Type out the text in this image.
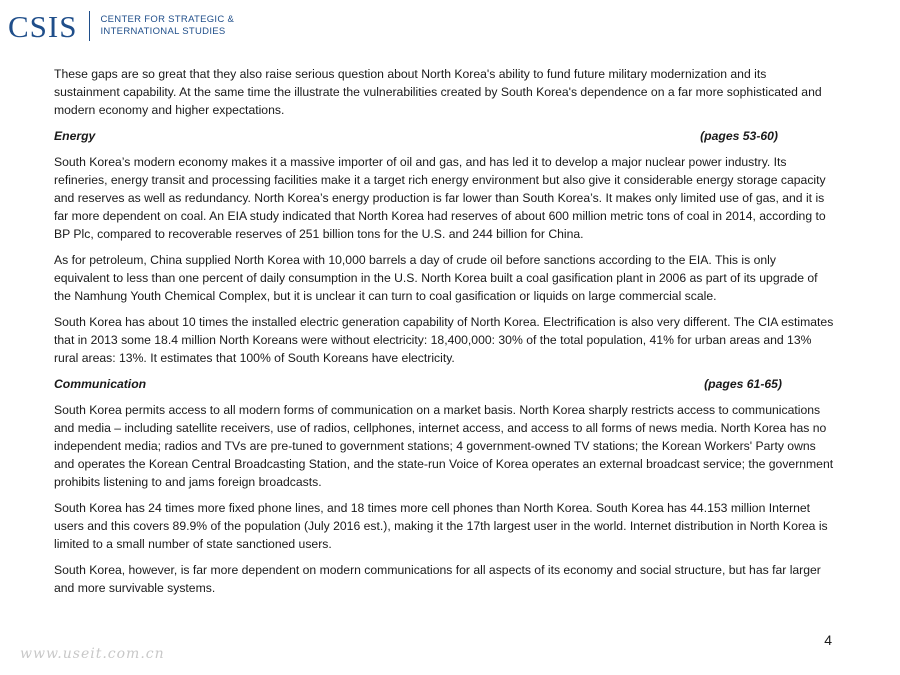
CSIS CENTER FOR STRATEGIC &
INTERNATIONAL STUDIES

These gaps are so great that they also raise serious question about North Korea's ability to fund future military modernization and its sustainment capability. At the same time the illustrate the vulnerabilities created by South Korea's dependence on a far more sophisticated and modern economy and higher expectations.

Energy	(pages 53-60)

South Korea’s modern economy makes it a massive importer of oil and gas, and has led it to develop a major nuclear power industry. Its refineries, energy transit and processing facilities make it a target rich energy environment but also give it considerable energy storage capacity and reserves as well as redundancy. North Korea’s energy production is far lower than South Korea’s. It makes only limited use of gas, and it is far more dependent on coal. An EIA study indicated that North Korea had reserves of about 600 million metric tons of coal in 2014, according to BP Plc, compared to recoverable reserves of 251 billion tons for the U.S. and 244 billion for China.

As for petroleum, China supplied North Korea with 10,000 barrels a day of crude oil before sanctions according to the EIA. This is only equivalent to less than one percent of daily consumption in the U.S. North Korea built a coal gasification plant in 2006 as part of its upgrade of the Namhung Youth Chemical Complex, but it is unclear it can turn to coal gasification or liquids on large commercial scale.

South Korea has about 10 times the installed electric generation capability of North Korea. Electrification is also very different. The CIA estimates that in 2013 some 18.4 million North Koreans were without electricity: 18,400,000: 30% of the total population, 41% for urban areas and 13% rural areas: 13%. It estimates that 100% of South Koreans have electricity.

Communication	(pages 61-65)

South Korea permits access to all modern forms of communication on a market basis. North Korea sharply restricts access to communications and media – including satellite receivers, use of radios, cellphones, internet access, and access to all forms of news media. North Korea has no independent media; radios and TVs are pre-tuned to government stations; 4 government-owned TV stations; the Korean Workers' Party owns and operates the Korean Central Broadcasting Station, and the state-run Voice of Korea operates an external broadcast service; the government prohibits listening to and jams foreign broadcasts.

South Korea has 24 times more fixed phone lines, and 18 times more cell phones than North Korea. South Korea has 44.153 million Internet users and this covers 89.9% of the population (July 2016 est.), making it the 17th largest user in the world. Internet distribution in North Korea is limited to a small number of state sanctioned users.

South Korea, however, is far more dependent on modern communications for all aspects of its economy and social structure, but has far larger and more survivable systems.

4
www.useit.com.cn
